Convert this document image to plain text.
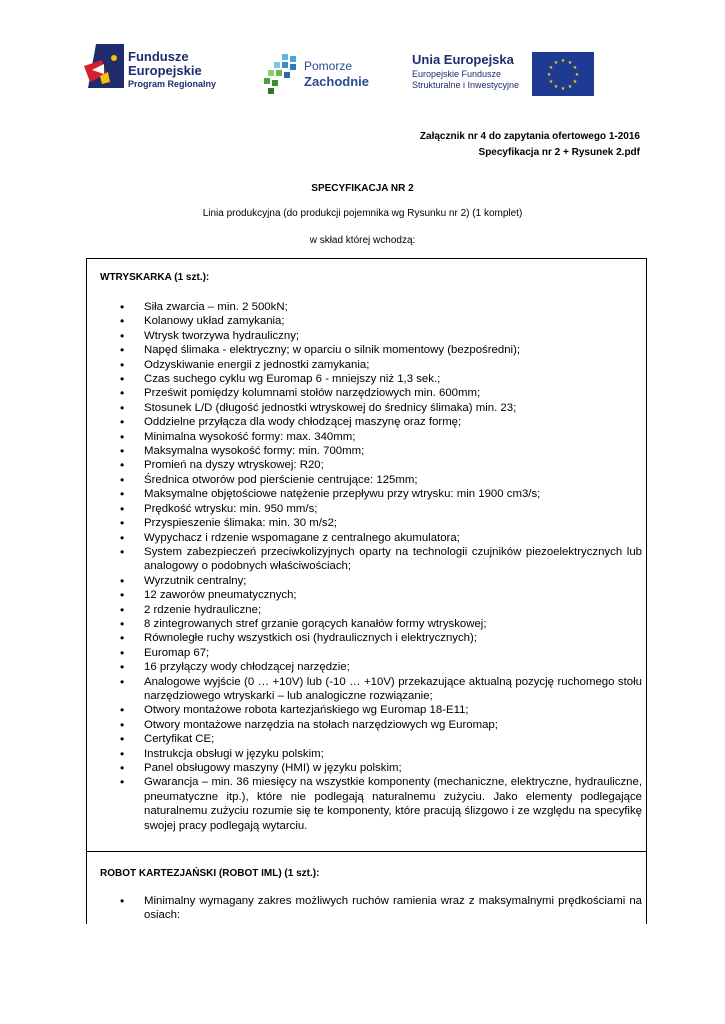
Fundusze
Europejskie
Program Regionalny
Pomorze
Zachodnie
Unia Europejska
Europejskie Fundusze
Strukturalne i Inwestycyjne
★ ★
★
★
★
★
★
★
★
★
★
★
Załącznik nr 4 do zapytania ofertowego 1-2016
Specyfikacja nr 2 + Rysunek 2.pdf
SPECYFIKACJA NR 2
Linia produkcyjna (do produkcji pojemnika wg Rysunku nr 2) (1 komplet)
w skład której wchodzą:
WTRYSKARKA (1 szt.):
• Siła zwarcia – min. 2 500kN;
• Kolanowy układ zamykania;
• Wtrysk tworzywa hydrauliczny;
• Napęd ślimaka - elektryczny; w oparciu o silnik momentowy (bezpośredni);
• Odzyskiwanie energii z jednostki zamykania;
• Czas suchego cyklu wg Euromap 6 - mniejszy niż 1,3 sek.;
• Prześwit pomiędzy kolumnami stołów narzędziowych min. 600mm;
• Stosunek L/D (długość jednostki wtryskowej do średnicy ślimaka) min. 23;
• Oddzielne przyłącza dla wody chłodzącej maszynę oraz formę;
• Minimalna wysokość formy: max. 340mm;
• Maksymalna wysokość formy: min. 700mm;
• Promień na dyszy wtryskowej: R20;
• Średnica otworów pod pierścienie centrujące: 125mm;
• Maksymalne objętościowe natężenie przepływu przy wtrysku: min 1900 cm3/s;
• Prędkość wtrysku: min. 950 mm/s;
• Przyspieszenie ślimaka: min. 30 m/s2;
• Wypychacz i rdzenie wspomagane z centralnego akumulatora;
• System zabezpieczeń przeciwkolizyjnych oparty na technologii czujników piezoelektrycznych lub analogowy o podobnych właściwościach;
• Wyrzutnik centralny;
• 12 zaworów pneumatycznych;
• 2 rdzenie hydrauliczne;
• 8 zintegrowanych stref grzanie gorących kanałów formy wtryskowej;
• Równoległe ruchy wszystkich osi (hydraulicznych i elektrycznych);
• Euromap 67;
• 16 przyłączy wody chłodzącej narzędzie;
• Analogowe wyjście (0 … +10V) lub (-10 … +10V) przekazujące aktualną pozycję ruchomego stołu narzędziowego wtryskarki – lub analogiczne rozwiązanie;
• Otwory montażowe robota kartezjańskiego wg Euromap 18-E11;
• Otwory montażowe narzędzia na stołach narzędziowych wg Euromap;
• Certyfikat CE;
• Instrukcja obsługi w języku polskim;
• Panel obsługowy maszyny (HMI) w języku polskim;
• Gwarancja – min. 36 miesięcy na wszystkie komponenty (mechaniczne, elektryczne, hydrauliczne, pneumatyczne itp.), które nie podlegają naturalnemu zużyciu. Jako elementy podlegające naturalnemu zużyciu rozumie się te komponenty, które pracują ślizgowo i ze względu na specyfikę swojej pracy podlegają wytarciu.
ROBOT KARTEZJAŃSKI (ROBOT IML) (1 szt.):
• Minimalny wymagany zakres możliwych ruchów ramienia wraz z maksymalnymi prędkościami na osiach:
